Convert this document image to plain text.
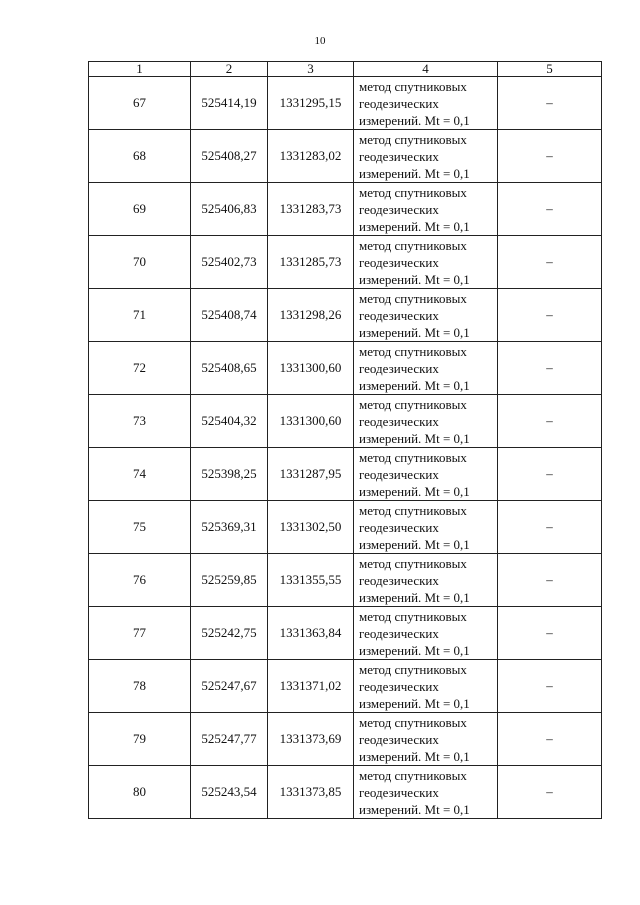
10
1	2	3	4	5
67	525414,19	1331295,15	метод спутниковых
геодезических
измерений. Mt = 0,1	–
68	525408,27	1331283,02	метод спутниковых
геодезических
измерений. Mt = 0,1	–
69	525406,83	1331283,73	метод спутниковых
геодезических
измерений. Mt = 0,1	–
70	525402,73	1331285,73	метод спутниковых
геодезических
измерений. Mt = 0,1	–
71	525408,74	1331298,26	метод спутниковых
геодезических
измерений. Mt = 0,1	–
72	525408,65	1331300,60	метод спутниковых
геодезических
измерений. Mt = 0,1	–
73	525404,32	1331300,60	метод спутниковых
геодезических
измерений. Mt = 0,1	–
74	525398,25	1331287,95	метод спутниковых
геодезических
измерений. Mt = 0,1	–
75	525369,31	1331302,50	метод спутниковых
геодезических
измерений. Mt = 0,1	–
76	525259,85	1331355,55	метод спутниковых
геодезических
измерений. Mt = 0,1	–
77	525242,75	1331363,84	метод спутниковых
геодезических
измерений. Mt = 0,1	–
78	525247,67	1331371,02	метод спутниковых
геодезических
измерений. Mt = 0,1	–
79	525247,77	1331373,69	метод спутниковых
геодезических
измерений. Mt = 0,1	–
80	525243,54	1331373,85	метод спутниковых
геодезических
измерений. Mt = 0,1	–
